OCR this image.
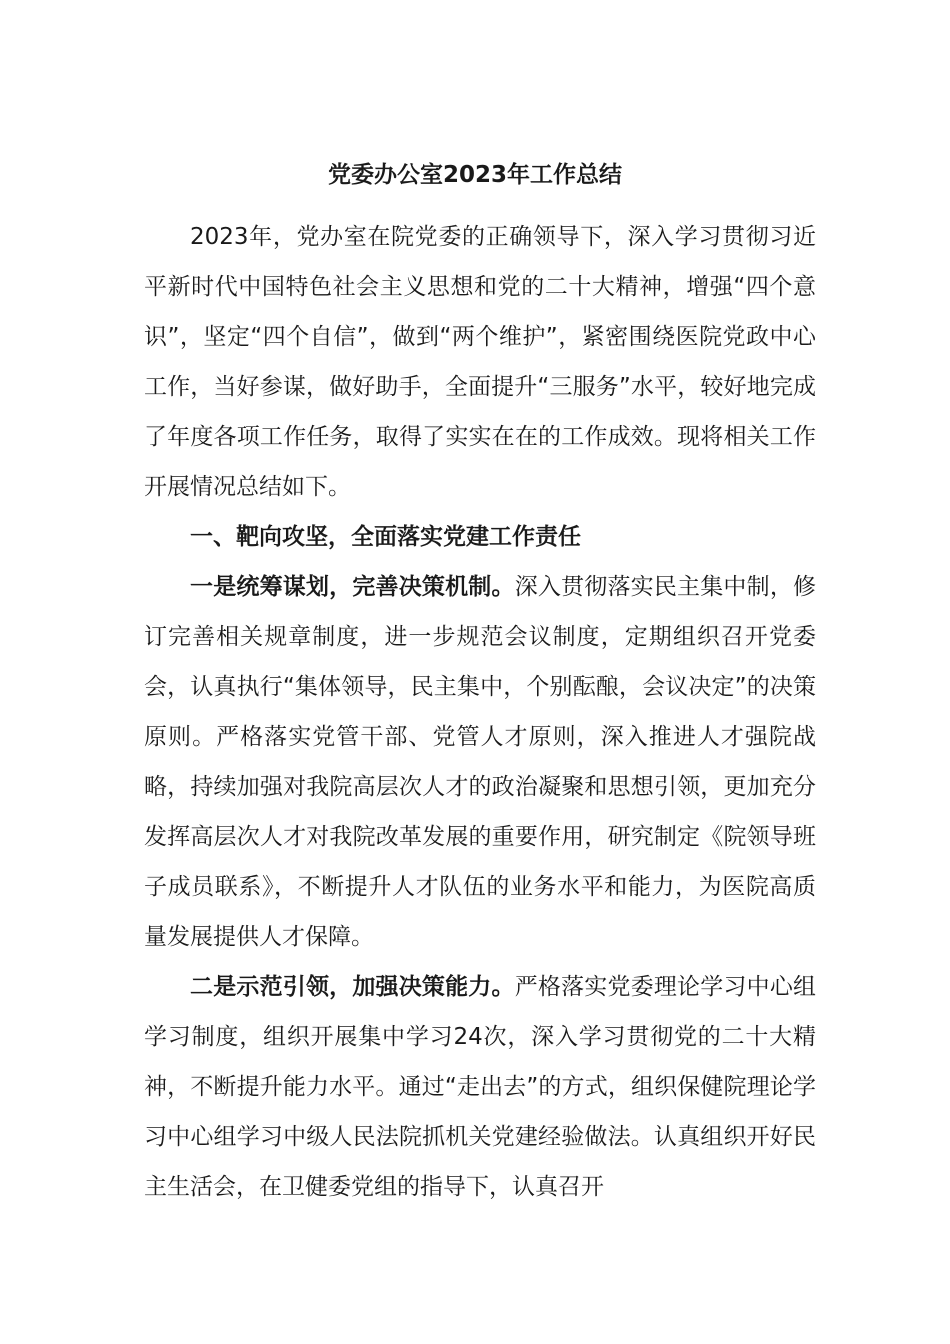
党委办公室2023年工作总结

2023年，党办室在院党委的正确领导下，深入学习贯彻习近平新时代中国特色社会主义思想和党的二十大精神，增强“四个意识”，坚定“四个自信”，做到“两个维护”，紧密围绕医院党政中心工作，当好参谋，做好助手，全面提升“三服务”水平，较好地完成了年度各项工作任务，取得了实实在在的工作成效。现将相关工作开展情况总结如下。

一、靶向攻坚，全面落实党建工作责任

一是统筹谋划，完善决策机制。深入贯彻落实民主集中制，修订完善相关规章制度，进一步规范会议制度，定期组织召开党委会，认真执行“集体领导，民主集中，个别酝酿，会议决定”的决策原则。严格落实党管干部、党管人才原则，深入推进人才强院战略，持续加强对我院高层次人才的政治凝聚和思想引领，更加充分发挥高层次人才对我院改革发展的重要作用，研究制定《院领导班子成员联系》，不断提升人才队伍的业务水平和能力，为医院高质量发展提供人才保障。

二是示范引领，加强决策能力。严格落实党委理论学习中心组学习制度，组织开展集中学习24次，深入学习贯彻党的二十大精神，不断提升能力水平。通过“走出去”的方式，组织保健院理论学习中心组学习中级人民法院抓机关党建经验做法。认真组织开好民主生活会，在卫健委党组的指导下，认真召开
